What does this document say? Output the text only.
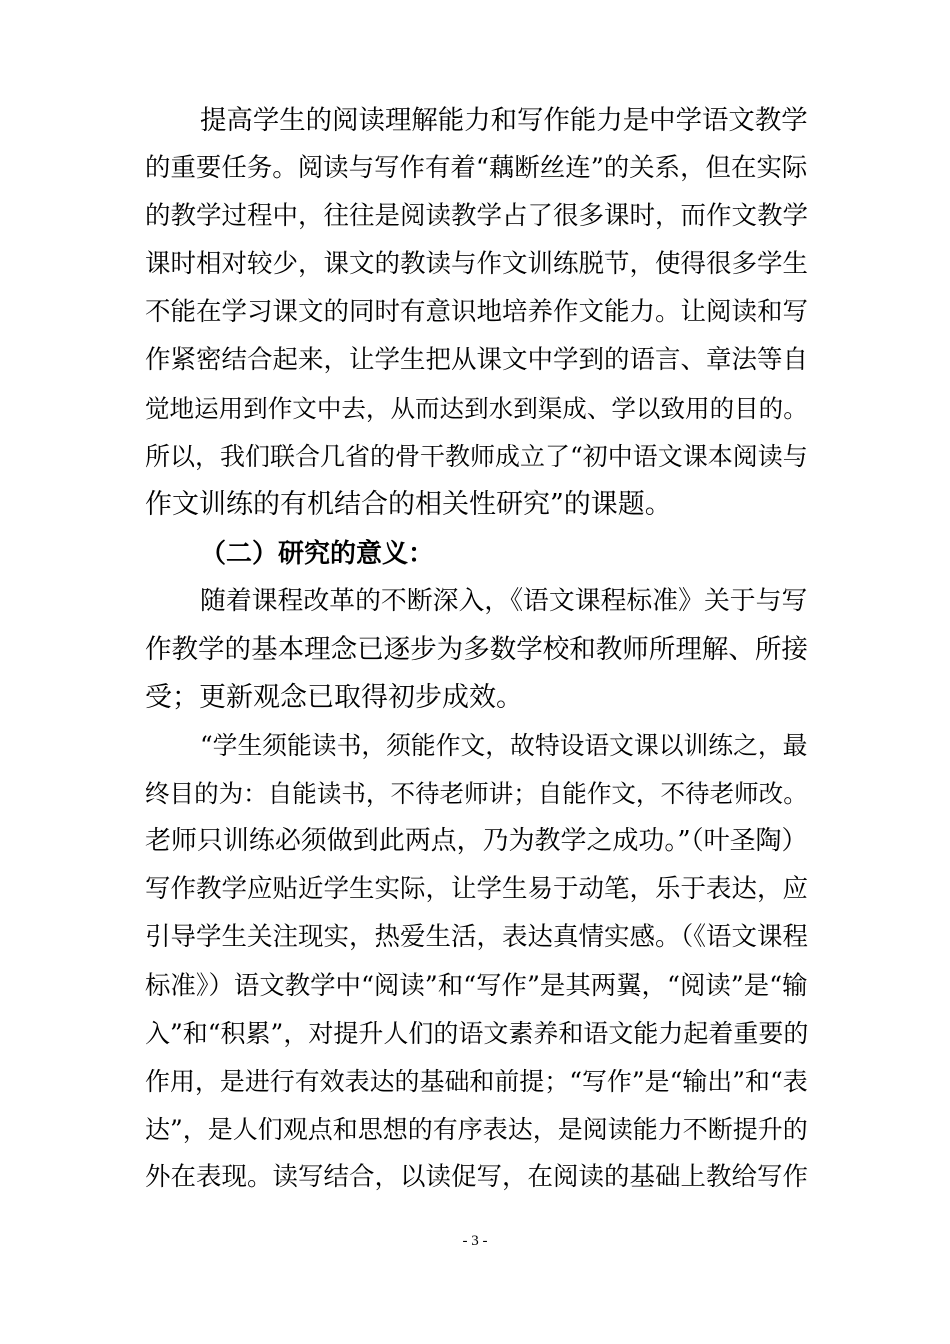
提高学生的阅读理解能力和写作能力是中学语文教学
的重要任务。阅读与写作有着“藕断丝连”的关系，但在实际
的教学过程中，往往是阅读教学占了很多课时，而作文教学
课时相对较少，课文的教读与作文训练脱节，使得很多学生
不能在学习课文的同时有意识地培养作文能力。让阅读和写
作紧密结合起来，让学生把从课文中学到的语言、章法等自
觉地运用到作文中去，从而达到水到渠成、学以致用的目的。
所以，我们联合几省的骨干教师成立了“初中语文课本阅读与
作文训练的有机结合的相关性研究”的课题。
（二）研究的意义：
随着课程改革的不断深入，《语文课程标准》关于与写
作教学的基本理念已逐步为多数学校和教师所理解、所接
受；更新观念已取得初步成效。
“学生须能读书，须能作文，故特设语文课以训练之，最
终目的为：自能读书，不待老师讲；自能作文，不待老师改。
老师只训练必须做到此两点，乃为教学之成功。”（叶圣陶）
写作教学应贴近学生实际，让学生易于动笔，乐于表达，应
引导学生关注现实，热爱生活，表达真情实感。（《语文课程
标准》）语文教学中“阅读”和“写作”是其两翼，“阅读”是“输
入”和“积累”，对提升人们的语文素养和语文能力起着重要的
作用，是进行有效表达的基础和前提；“写作”是“输出”和“表
达”，是人们观点和思想的有序表达，是阅读能力不断提升的
外在表现。读写结合，以读促写，在阅读的基础上教给写作
- 3 -
